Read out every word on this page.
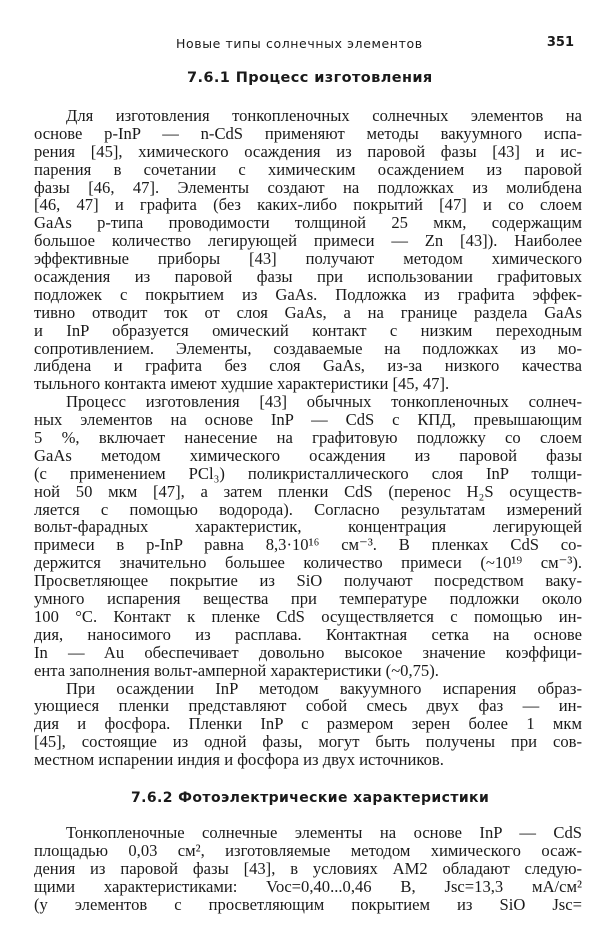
Новые типы солнечных элементов	351
7.6.1 Процесс изготовления
Для изготовления тонкопленочных солнечных элементов на
основе p-InP — n-CdS применяют методы вакуумного испа-
рения [45], химического осаждения из паровой фазы [43] и ис-
парения в сочетании с химическим осаждением из паровой
фазы [46, 47]. Элементы создают на подложках из молибдена
[46, 47] и графита (без каких-либо покрытий [47] и со слоем
GaAs p-типа проводимости толщиной 25 мкм, содержащим
большое количество легирующей примеси — Zn [43]). Наиболее
эффективные приборы [43] получают методом химического
осаждения из паровой фазы при использовании графитовых
подложек с покрытием из GaAs. Подложка из графита эффек-
тивно отводит ток от слоя GaAs, а на границе раздела GaAs
и InP образуется омический контакт с низким переходным
сопротивлением. Элементы, создаваемые на подложках из мо-
либдена и графита без слоя GaAs, из-за низкого качества
тыльного контакта имеют худшие характеристики [45, 47].
Процесс изготовления [43] обычных тонкопленочных солнеч-
ных элементов на основе InP — CdS с КПД, превышающим
5 %, включает нанесение на графитовую подложку со слоем
GaAs методом химического осаждения из паровой фазы
(с применением PCl₃) поликристаллического слоя InP толщи-
ной 50 мкм [47], а затем пленки CdS (перенос H₂S осуществ-
ляется с помощью водорода). Согласно результатам измерений
вольт-фарадных характеристик, концентрация легирующей
примеси в p-InP равна 8,3·10¹⁶ см⁻³. В пленках CdS со-
держится значительно большее количество примеси (~10¹⁹ см⁻³).
Просветляющее покрытие из SiO получают посредством ваку-
умного испарения вещества при температуре подложки около
100 °C. Контакт к пленке CdS осуществляется с помощью ин-
дия, наносимого из расплава. Контактная сетка на основе
In — Au обеспечивает довольно высокое значение коэффици-
ента заполнения вольт-амперной характеристики (~0,75).
При осаждении InP методом вакуумного испарения образ-
ующиеся пленки представляют собой смесь двух фаз — ин-
дия и фосфора. Пленки InP с размером зерен более 1 мкм
[45], состоящие из одной фазы, могут быть получены при сов-
местном испарении индия и фосфора из двух источников.
7.6.2 Фотоэлектрические характеристики
Тонкопленочные солнечные элементы на основе InP — CdS
площадью 0,03 см², изготовляемые методом химического осаж-
дения из паровой фазы [43], в условиях AM2 обладают следую-
щими характеристиками: Voc=0,40...0,46 В, Jsc=13,3 мА/см²
(у элементов с просветляющим покрытием из SiO Jsc=
